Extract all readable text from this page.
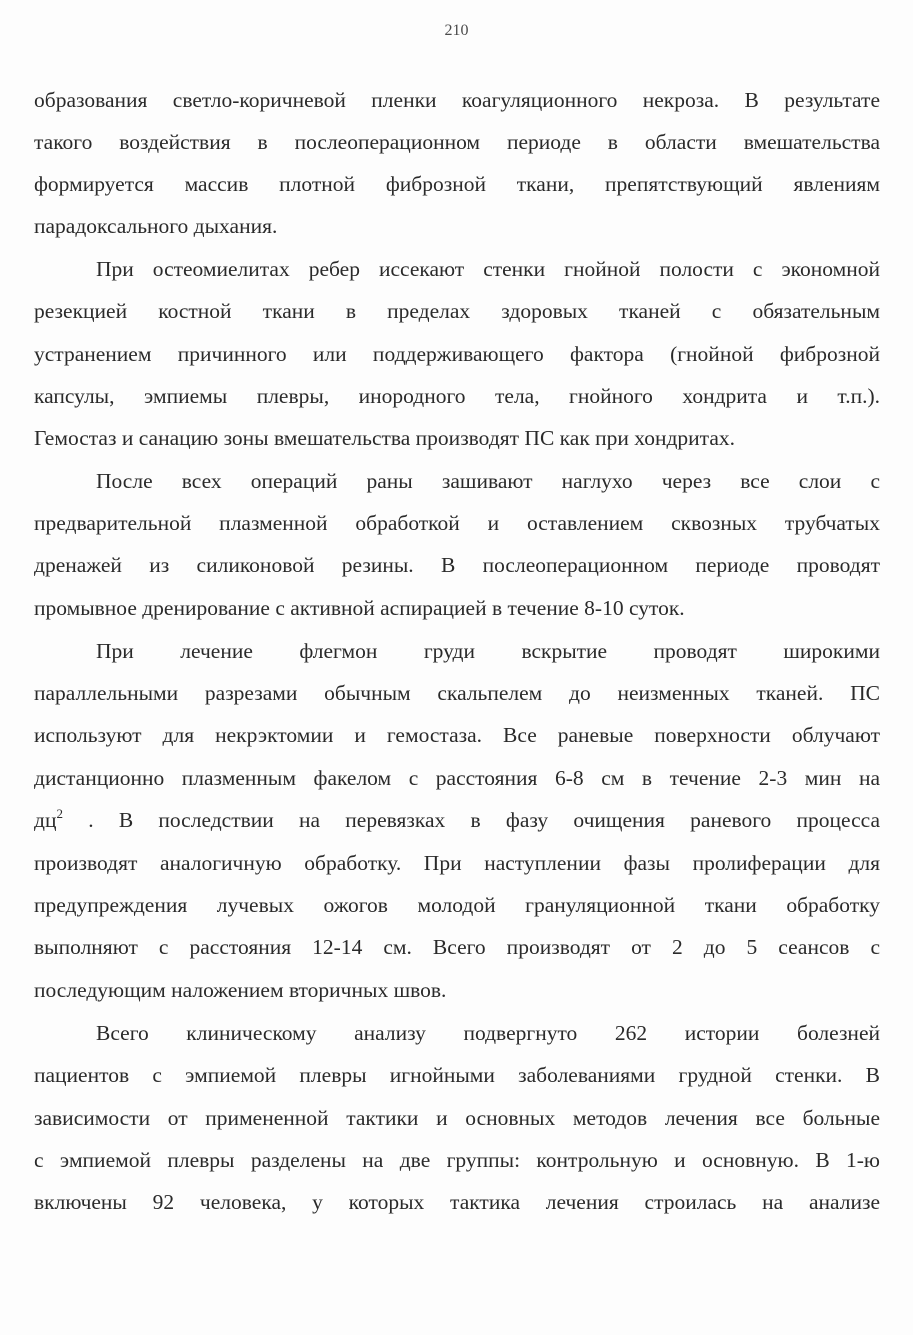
210
образования светло-коричневой пленки коагуляционного некроза. В результате
такого воздействия в послеоперационном периоде в области вмешательства
формируется массив плотной фиброзной ткани, препятствующий явлениям
парадоксального дыхания.
При остеомиелитах ребер иссекают стенки гнойной полости с экономной
резекцией костной ткани в пределах здоровых тканей с обязательным
устранением причинного или поддерживающего фактора (гнойной фиброзной
капсулы, эмпиемы плевры, инородного тела, гнойного хондрита и т.п.).
Гемостаз и санацию зоны вмешательства производят ПС как при хондритах.
После всех операций раны зашивают наглухо через все слои с
предварительной плазменной обработкой и оставлением сквозных трубчатых
дренажей из силиконовой резины. В послеоперационном периоде проводят
промывное дренирование с активной аспирацией в течение 8-10 суток.
При лечение флегмон груди вскрытие проводят широкими
параллельными разрезами обычным скальпелем до неизменных тканей. ПС
используют для некрэктомии и гемостаза. Все раневые поверхности облучают
дистанционно плазменным факелом с расстояния 6-8 см в течение 2-3 мин на
$дц^2$ . В последствии на перевязках в фазу очищения раневого процесса
производят аналогичную обработку. При наступлении фазы пролиферации для
предупреждения лучевых ожогов молодой грануляционной ткани обработку
выполняют с расстояния 12-14 см. Всего производят от 2 до 5 сеансов с
последующим наложением вторичных швов.
Всего клиническому анализу подвергнуто 262 истории болезней
пациентов с эмпиемой плевры игнойными заболеваниями грудной стенки. В
зависимости от примененной тактики и основных методов лечения все больные
с эмпиемой плевры разделены на две группы: контрольную и основную. В 1-ю
включены 92 человека, у которых тактика лечения строилась на анализе
